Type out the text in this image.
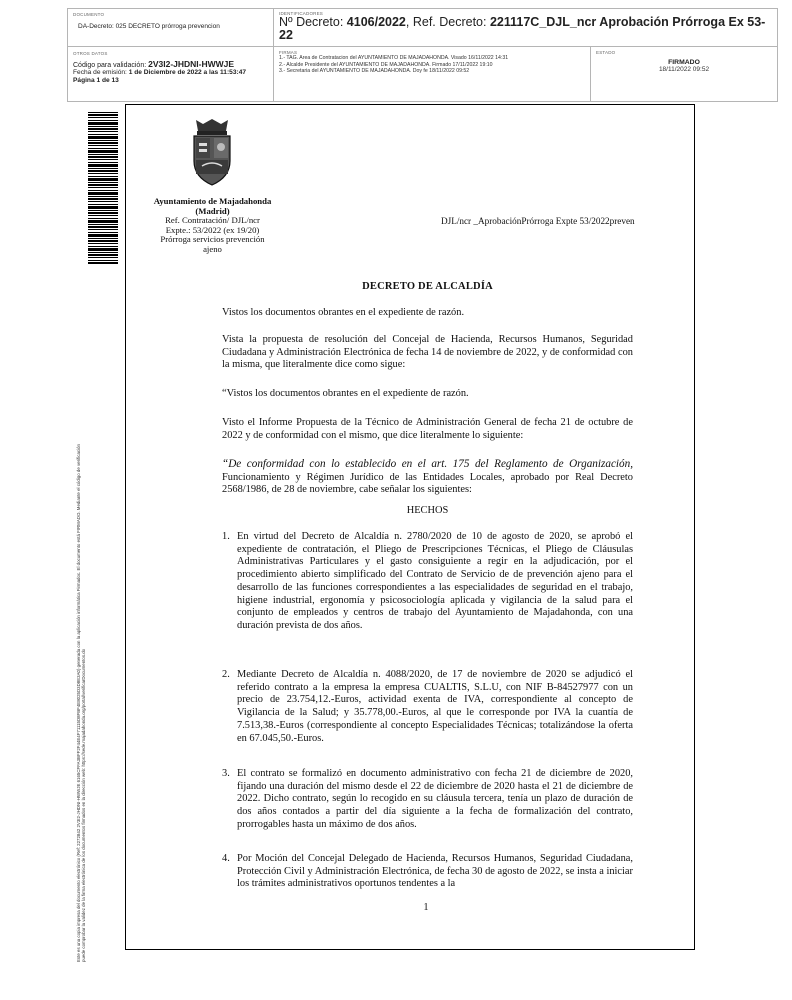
DOCUMENTO
DA-Decreto: 025 DECRETO prórroga prevencion
IDENTIFICADORES
Nº Decreto: 4106/2022, Ref. Decreto: 221117C_DJL_ncr Aprobación Prórroga Ex 53-22
OTROS DATOS
Código para validación: 2V3I2-JHDNI-HWWJE
Fecha de emisión: 1 de Diciembre de 2022 a las 11:53:47
Página 1 de 13
FIRMAS
1.- TAG. Area de Contratacion del AYUNTAMIENTO DE MAJADAHONDA. Visado 16/11/2022 14:31
2.- Alcalde Presidente del AYUNTAMIENTO DE MAJADAHONDA. Firmado 17/11/2022 19:10
3.- Secretaria del AYUNTAMIENTO DE MAJADAHONDA. Doy fe 18/11/2022 09:52
ESTADO
FIRMADO
18/11/2022 09:52
Este es una copia impresa del documento electrónico (Ref: 2272842 2V3I2-JHDNI-HWWJE 6165CFFA3BFF2F44E4F71115D8FBF4E8025D3D8E3A0) generada con la aplicación informática Firmadoc. El documento está FIRMADO. Mediante el código de verificación puede comprobar la validez de la firma electrónica de los documentos firmados en la dirección web: https://sede.majadahonda.org/portal/verificarDocumentos.do
Ayuntamiento de Majadahonda
(Madrid)
Ref. Contratación/ DJL/ncr
Expte.: 53/2022 (ex 19/20)
Prórroga servicios prevención ajeno
DJL/ncr _AprobaciónPrórroga Expte 53/2022preven
DECRETO DE ALCALDÍA
Vistos los documentos obrantes en el expediente de razón.
Vista la propuesta de resolución del Concejal de Hacienda, Recursos Humanos, Seguridad Ciudadana y Administración Electrónica de fecha 14 de noviembre de 2022, y de conformidad con la misma, que literalmente dice como sigue:
“Vistos los documentos obrantes en el expediente de razón.
Visto el Informe Propuesta de la Técnico de Administración General de fecha 21 de octubre de 2022 y de conformidad con el mismo, que dice literalmente lo siguiente:
“De conformidad con lo establecido en el art. 175 del Reglamento de Organización, Funcionamiento y Régimen Jurídico de las Entidades Locales, aprobado por Real Decreto 2568/1986, de 28 de noviembre, cabe señalar los siguientes:
HECHOS
1. En virtud del Decreto de Alcaldía n. 2780/2020 de 10 de agosto de 2020, se aprobó el expediente de contratación, el Pliego de Prescripciones Técnicas, el Pliego de Cláusulas Administrativas Particulares y el gasto consiguiente a regir en la adjudicación, por el procedimiento abierto simplificado del Contrato de Servicio de de prevención ajeno para el desarrollo de las funciones correspondientes a las especialidades de seguridad en el trabajo, higiene industrial, ergonomía y psicosociología aplicada y vigilancia de la salud para el conjunto de empleados y centros de trabajo del Ayuntamiento de Majadahonda, con una duración prevista de dos años.
2. Mediante Decreto de Alcaldía n. 4088/2020, de 17 de noviembre de 2020 se adjudicó el referido contrato a la empresa la empresa CUALTIS, S.L.U, con NIF B-84527977 con un precio de 23.754,12.-Euros, actividad exenta de IVA, correspondiente al concepto de Vigilancia de la Salud; y 35.778,00.-Euros, al que le corresponde por IVA la cuantía de 7.513,38.-Euros (correspondiente al concepto Especialidades Técnicas; totalizándose la oferta en 67.045,50.-Euros.
3. El contrato se formalizó en documento administrativo con fecha 21 de diciembre de 2020, fijando una duración del mismo desde el 22 de diciembre de 2020 hasta el 21 de diciembre de 2022. Dicho contrato, según lo recogido en su cláusula tercera, tenía un plazo de duración de dos años contados a partir del día siguiente a la fecha de formalización del contrato, prorrogables hasta un máximo de dos años.
4. Por Moción del Concejal Delegado de Hacienda, Recursos Humanos, Seguridad Ciudadana, Protección Civil y Administración Electrónica, de fecha 30 de agosto de 2022, se insta a iniciar los trámites administrativos oportunos tendentes a la
1
